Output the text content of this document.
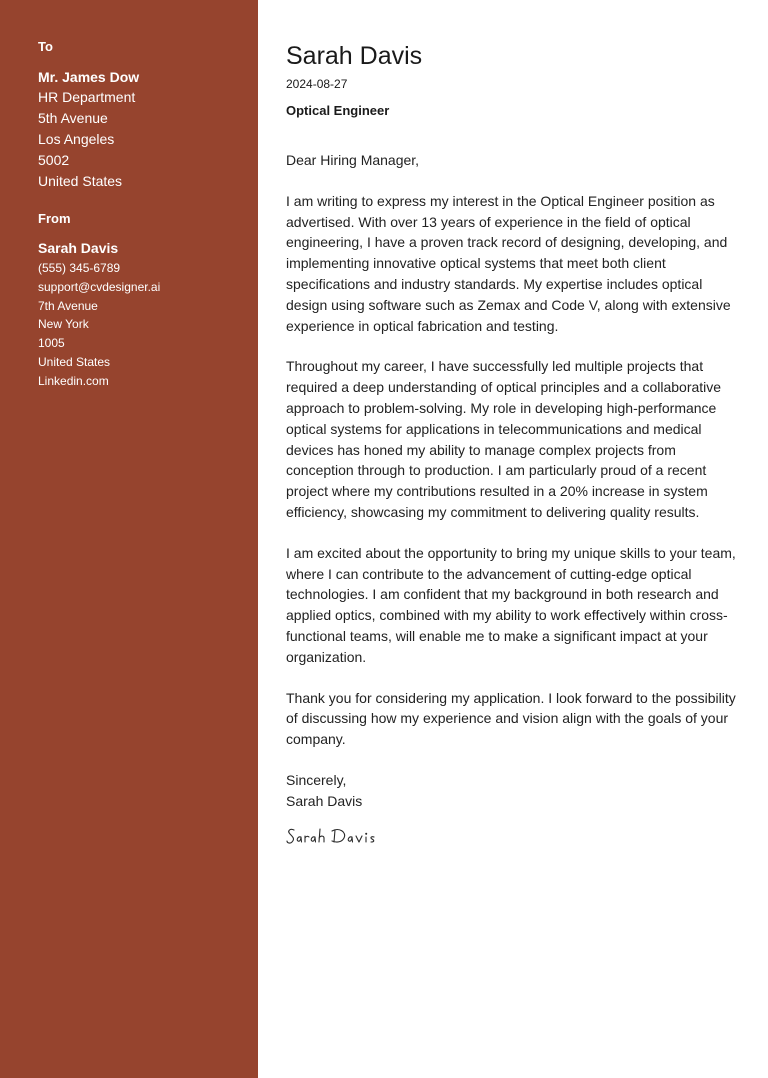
To
Mr. James Dow
HR Department
5th Avenue
Los Angeles
5002
United States
From
Sarah Davis
(555) 345-6789
support@cvdesigner.ai
7th Avenue
New York
1005
United States
Linkedin.com
Sarah Davis
2024-08-27
Optical Engineer
Dear Hiring Manager,

I am writing to express my interest in the Optical Engineer position as advertised. With over 13 years of experience in the field of optical engineering, I have a proven track record of designing, developing, and implementing innovative optical systems that meet both client specifications and industry standards. My expertise includes optical design using software such as Zemax and Code V, along with extensive experience in optical fabrication and testing.

Throughout my career, I have successfully led multiple projects that required a deep understanding of optical principles and a collaborative approach to problem-solving. My role in developing high-performance optical systems for applications in telecommunications and medical devices has honed my ability to manage complex projects from conception through to production. I am particularly proud of a recent project where my contributions resulted in a 20% increase in system efficiency, showcasing my commitment to delivering quality results.

I am excited about the opportunity to bring my unique skills to your team, where I can contribute to the advancement of cutting-edge optical technologies. I am confident that my background in both research and applied optics, combined with my ability to work effectively within cross-functional teams, will enable me to make a significant impact at your organization.

Thank you for considering my application. I look forward to the possibility of discussing how my experience and vision align with the goals of your company.

Sincerely,
Sarah Davis
